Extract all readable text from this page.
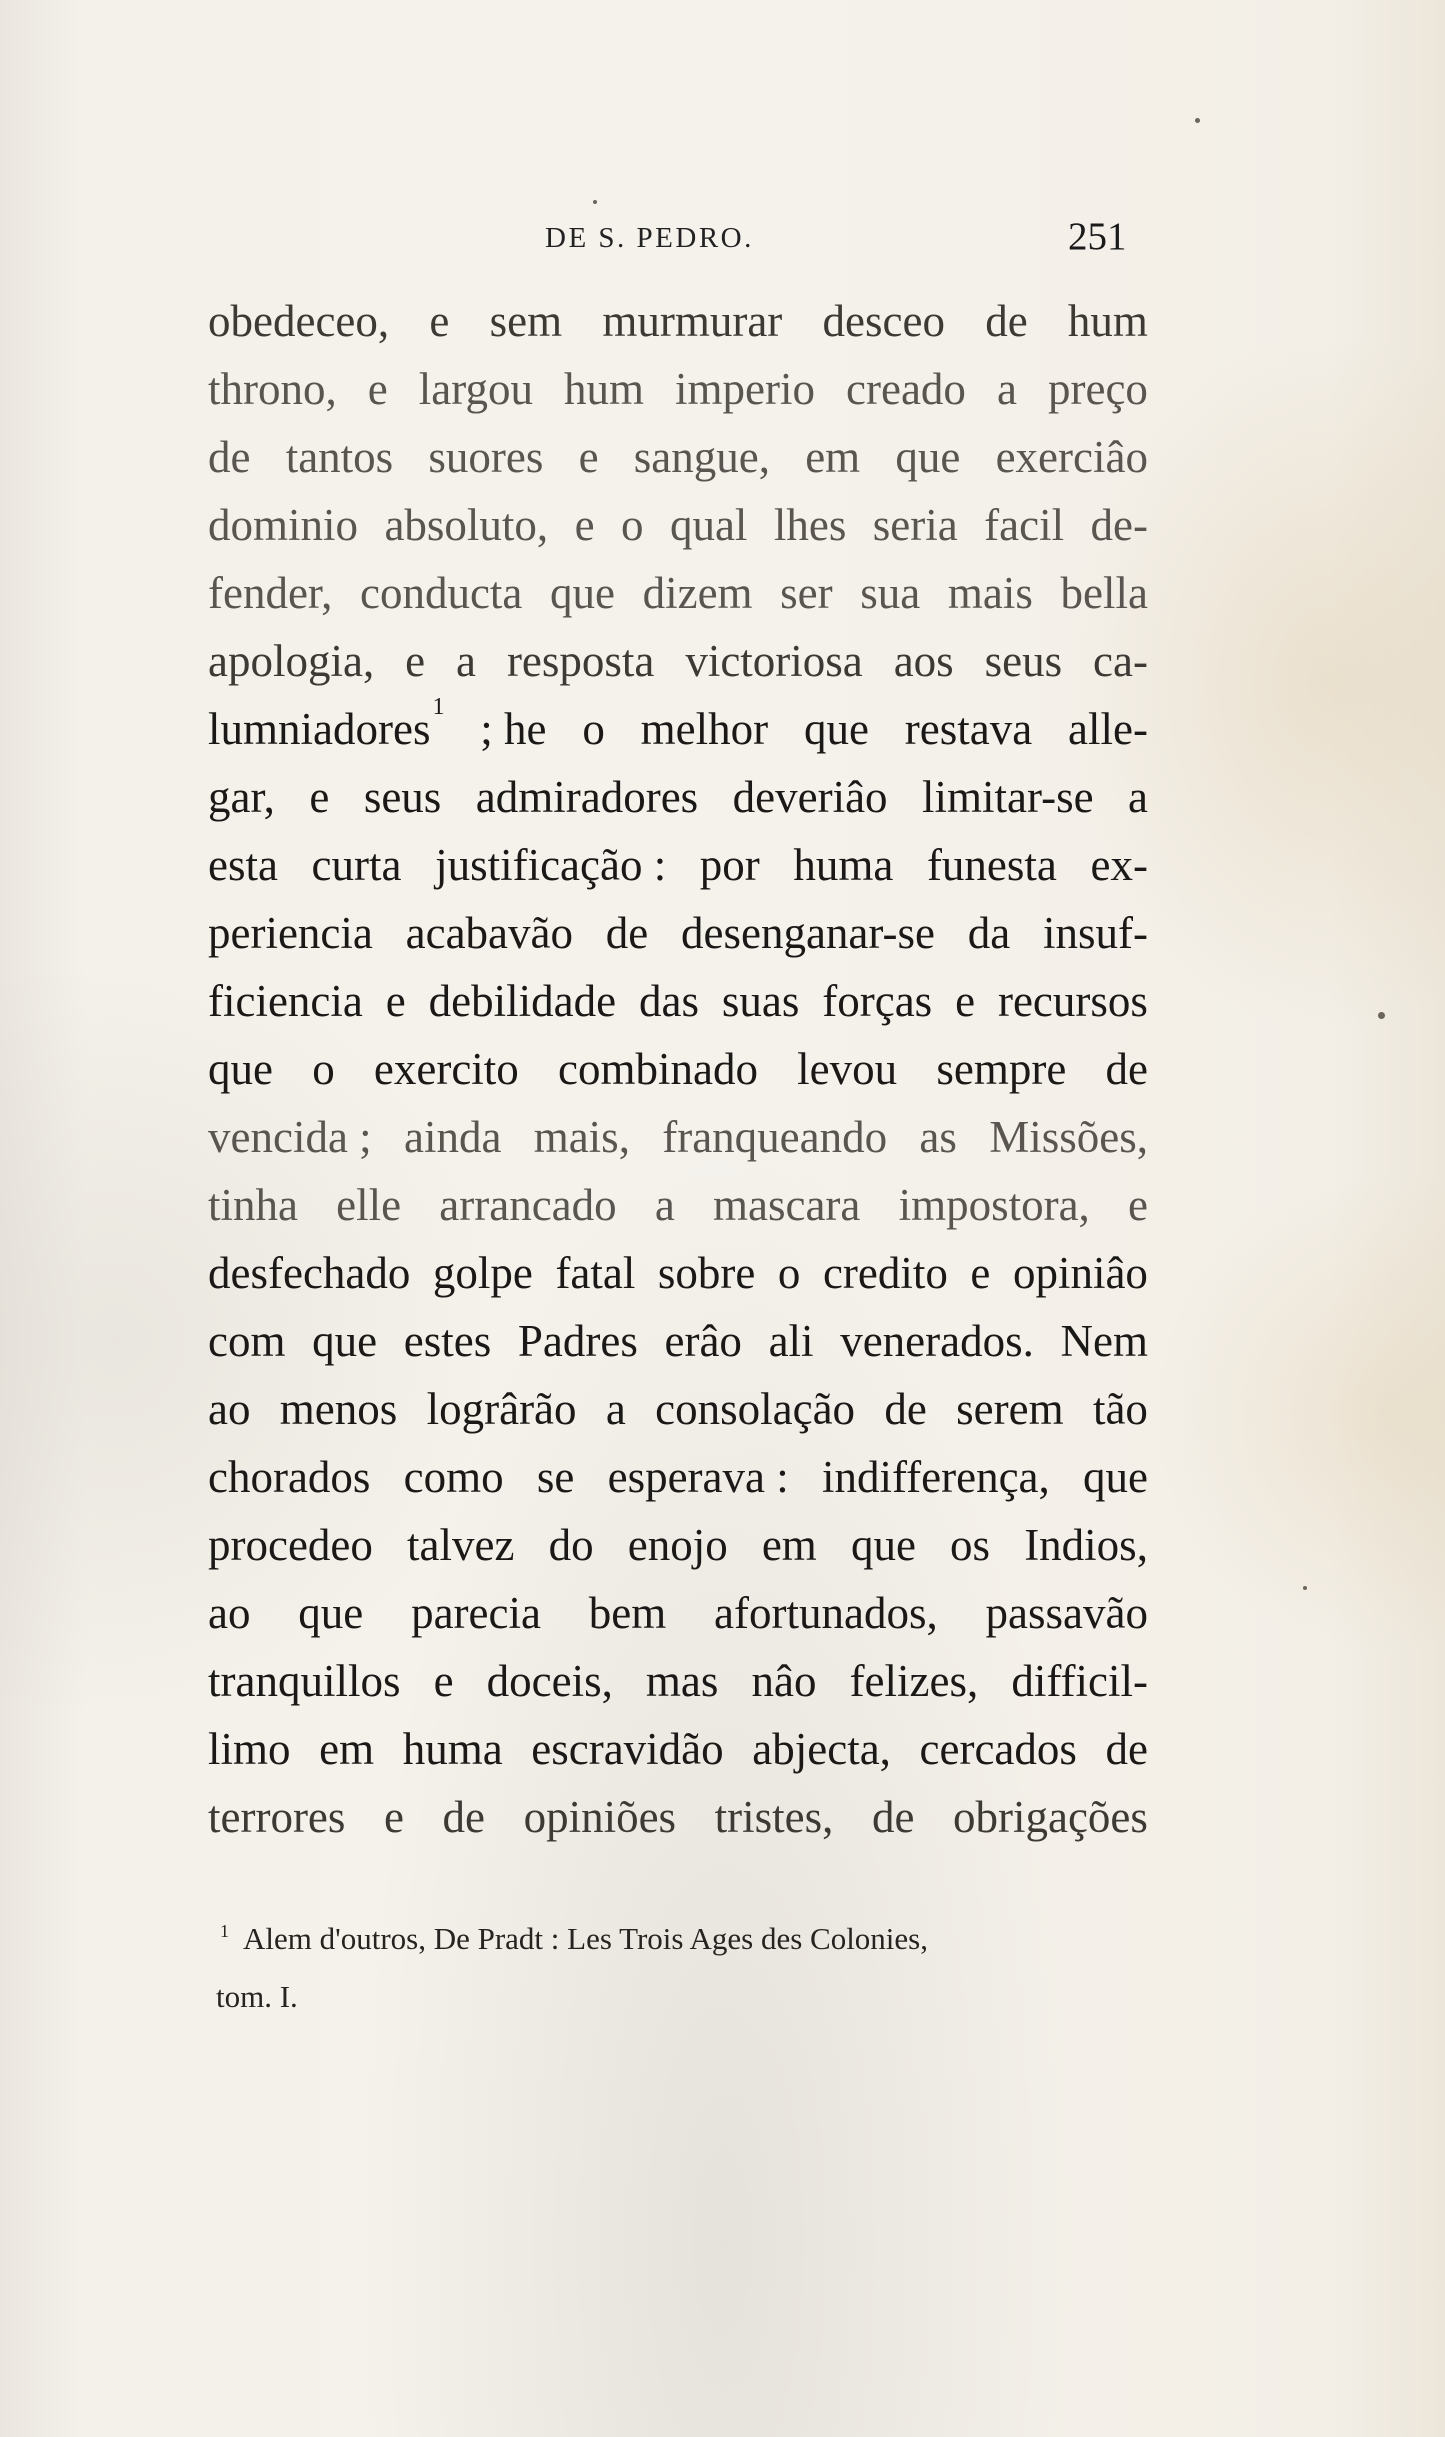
DE S. PEDRO.	251
obedeceo, e sem murmurar desceo de hum
throno, e largou hum imperio creado a preço
de tantos suores e sangue, em que exerciâo
dominio absoluto, e o qual lhes seria facil de-
fender, conducta que dizem ser sua mais bella
apologia, e a resposta victoriosa aos seus ca-
lumniadores$^1$ ; he o melhor que restava alle-
gar, e seus admiradores deveriâo limitar-se a
esta curta justificação : por huma funesta ex-
periencia acabavão de desenganar-se da insuf-
ficiencia e debilidade das suas forças e recursos
que o exercito combinado levou sempre de
vencida ; ainda mais, franqueando as Missões,
tinha elle arrancado a mascara impostora, e
desfechado golpe fatal sobre o credito e opiniâo
com que estes Padres erâo ali venerados. Nem
ao menos logrârão a consolação de serem tão
chorados como se esperava : indifferença, que
procedeo talvez do enojo em que os Indios,
ao que parecia bem afortunados, passavão
tranquillos e doceis, mas nâo felizes, difficil-
limo em huma escravidão abjecta, cercados de
terrores e de opiniões tristes, de obrigações
$^1$ Alem d'outros, De Pradt : Les Trois Ages des Colonies,
tom. I.
